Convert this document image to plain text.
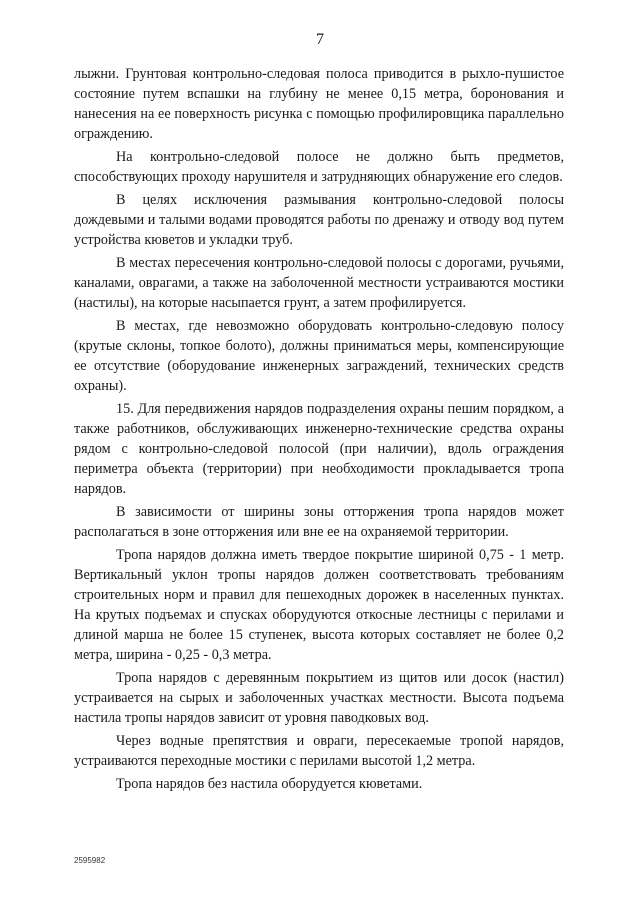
7

лыжни. Грунтовая контрольно-следовая полоса приводится в рыхло-пушистое состояние путем вспашки на глубину не менее 0,15 метра, боронования и нанесения на ее поверхность рисунка с помощью профилировщика параллельно ограждению.

На контрольно-следовой полосе не должно быть предметов, способствующих проходу нарушителя и затрудняющих обнаружение его следов.

В целях исключения размывания контрольно-следовой полосы дождевыми и талыми водами проводятся работы по дренажу и отводу вод путем устройства кюветов и укладки труб.

В местах пересечения контрольно-следовой полосы с дорогами, ручьями, каналами, оврагами, а также на заболоченной местности устраиваются мостики (настилы), на которые насыпается грунт, а затем профилируется.

В местах, где невозможно оборудовать контрольно-следовую полосу (крутые склоны, топкое болото), должны приниматься меры, компенсирующие ее отсутствие (оборудование инженерных заграждений, технических средств охраны).

15. Для передвижения нарядов подразделения охраны пешим порядком, а также работников, обслуживающих инженерно-технические средства охраны рядом с контрольно-следовой полосой (при наличии), вдоль ограждения периметра объекта (территории) при необходимости прокладывается тропа нарядов.

В зависимости от ширины зоны отторжения тропа нарядов может располагаться в зоне отторжения или вне ее на охраняемой территории.

Тропа нарядов должна иметь твердое покрытие шириной 0,75 - 1 метр. Вертикальный уклон тропы нарядов должен соответствовать требованиям строительных норм и правил для пешеходных дорожек в населенных пунктах. На крутых подъемах и спусках оборудуются откосные лестницы с перилами и длиной марша не более 15 ступенек, высота которых составляет не более 0,2 метра, ширина - 0,25 - 0,3 метра.

Тропа нарядов с деревянным покрытием из щитов или досок (настил) устраивается на сырых и заболоченных участках местности. Высота подъема настила тропы нарядов зависит от уровня паводковых вод.

Через водные препятствия и овраги, пересекаемые тропой нарядов, устраиваются переходные мостики с перилами высотой 1,2 метра.

Тропа нарядов без настила оборудуется кюветами.

2595982
